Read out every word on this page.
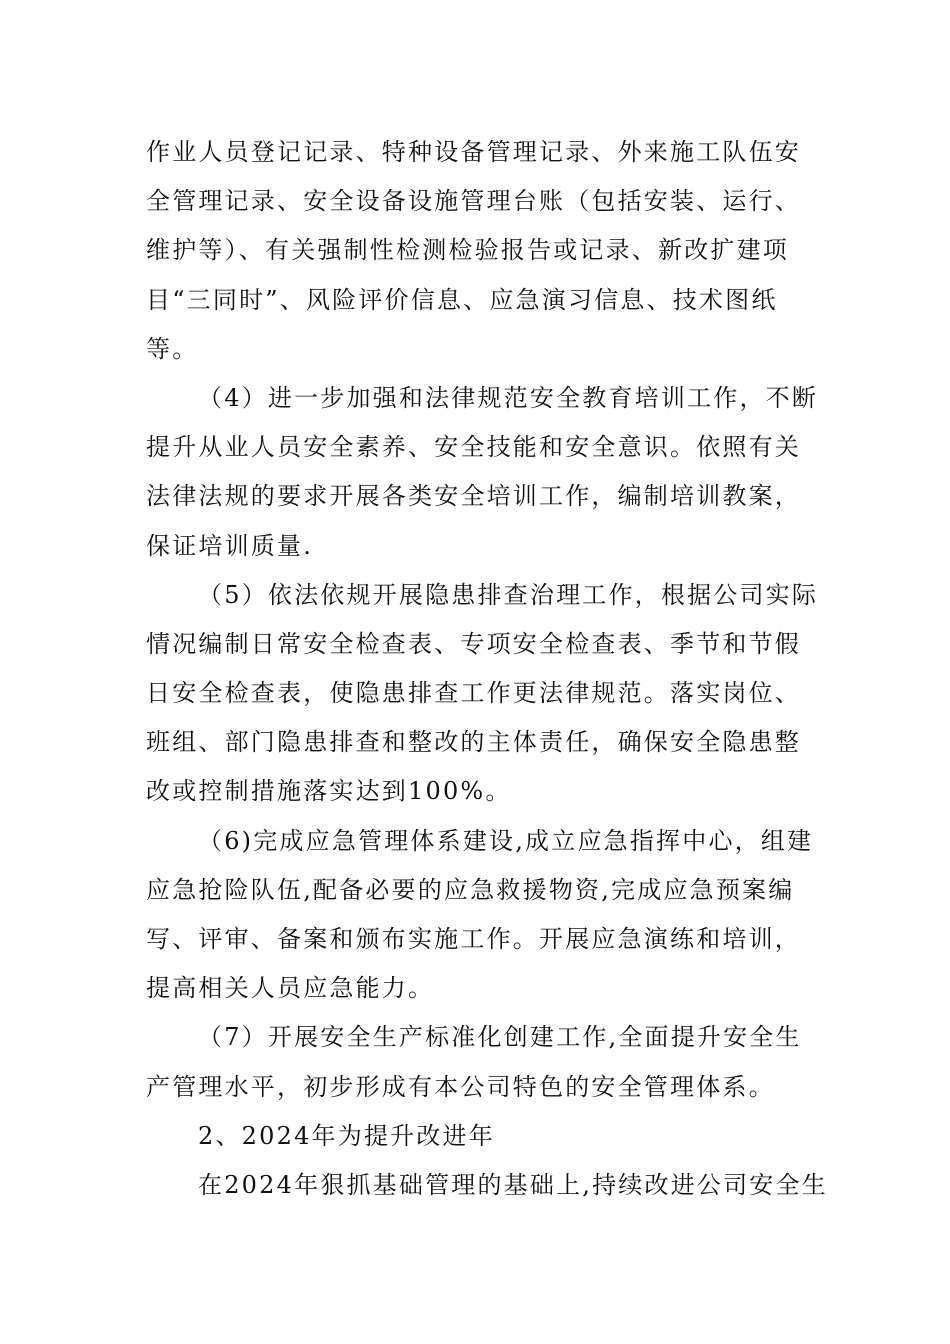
作业人员登记记录、特种设备管理记录、外来施工队伍安
全管理记录、安全设备设施管理台账（包括安装、运行、
维护等）、有关强制性检测检验报告或记录、新改扩建项
目“三同时”、风险评价信息、应急演习信息、技术图纸
等。
（4）进一步加强和法律规范安全教育培训工作，不断
提升从业人员安全素养、安全技能和安全意识。依照有关
法律法规的要求开展各类安全培训工作，编制培训教案，
保证培训质量.
（5）依法依规开展隐患排查治理工作，根据公司实际
情况编制日常安全检查表、专项安全检查表、季节和节假
日安全检查表，使隐患排查工作更法律规范。落实岗位、
班组、部门隐患排查和整改的主体责任，确保安全隐患整
改或控制措施落实达到100%。
（6)完成应急管理体系建设,成立应急指挥中心，组建
应急抢险队伍,配备必要的应急救援物资,完成应急预案编
写、评审、备案和颁布实施工作。开展应急演练和培训，
提高相关人员应急能力。
（7）开展安全生产标准化创建工作,全面提升安全生
产管理水平，初步形成有本公司特色的安全管理体系。
2、2024年为提升改进年
在2024年狠抓基础管理的基础上,持续改进公司安全生
